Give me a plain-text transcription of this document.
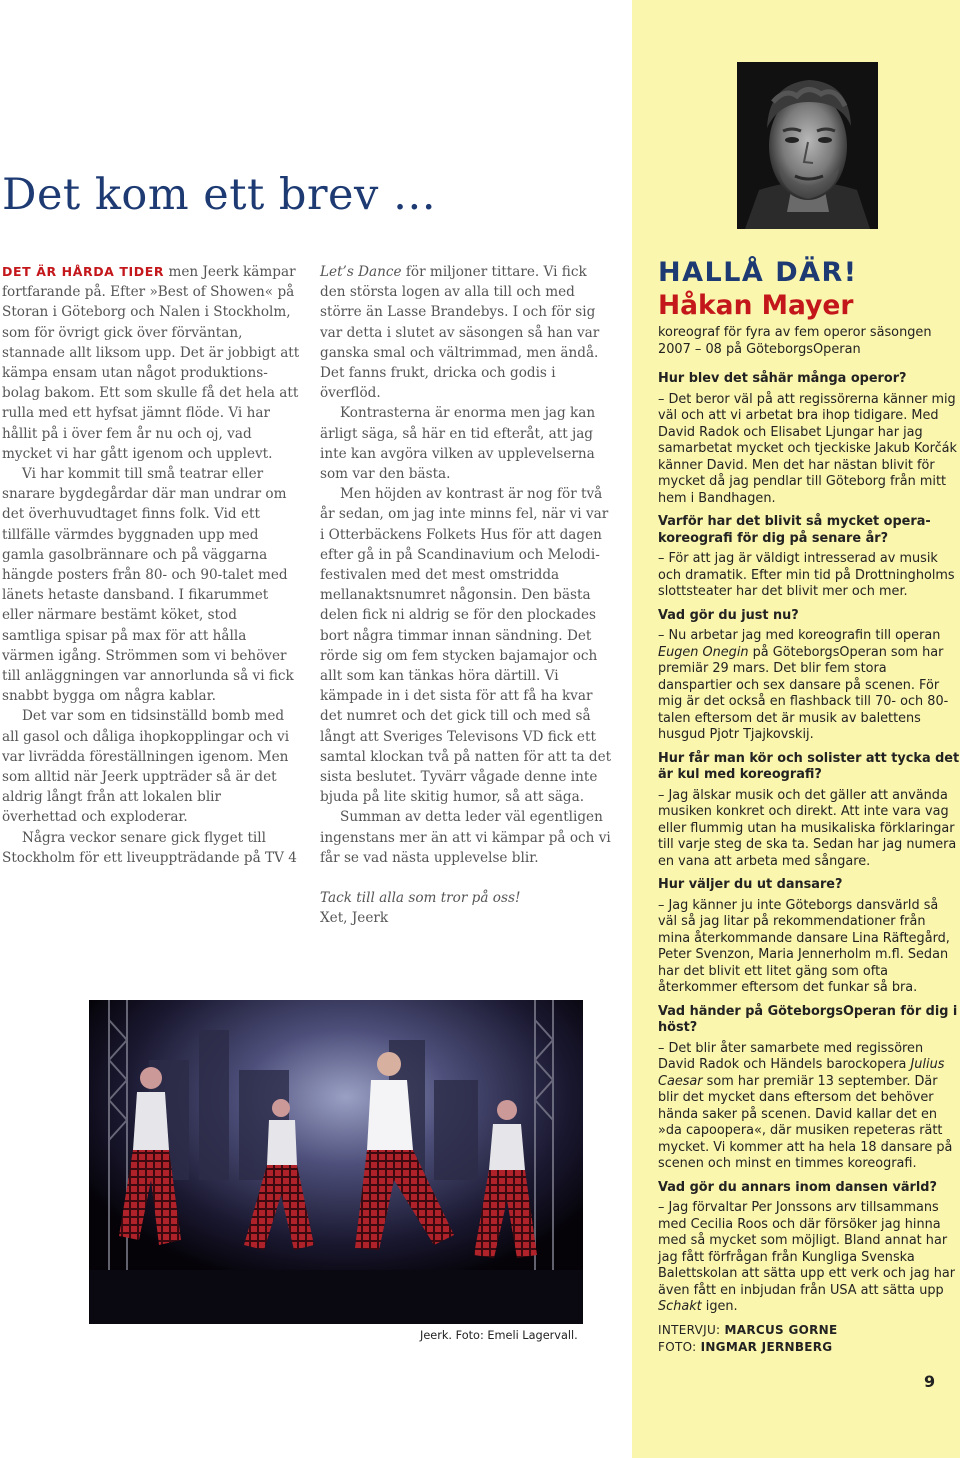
Det kom ett brev …

DET ÄR HÅRDA TIDER men Jeerk kämpar fortfarande på. Efter »Best of Showen« på Storan i Göteborg och Nalen i Stockholm, som för övrigt gick över förväntan, stannade allt liksom upp. Det är jobbigt att kämpa ensam utan något produktionsbolag bakom. Ett som skulle få det hela att rulla med ett hyfsat jämnt flöde. Vi har hållit på i över fem år nu och oj, vad mycket vi har gått igenom och upplevt.

Vi har kommit till små teatrar eller snarare bygdegårdar där man undrar om det överhuvudtaget finns folk. Vid ett tillfälle värmdes byggnaden upp med gamla gasolbrännare och på väggarna hängde posters från 80- och 90-talet med länets hetaste dansband. I fikarummet eller närmare bestämt köket, stod samtliga spisar på max för att hålla värmen igång. Strömmen som vi behöver till anläggningen var annorlunda så vi fick snabbt bygga om några kablar.

Det var som en tidsinställd bomb med all gasol och dåliga ihopkopplingar och vi var livrädda föreställningen igenom. Men som alltid när Jeerk uppträder så är det aldrig långt från att lokalen blir överhettad och exploderar.

Några veckor senare gick flyget till Stockholm för ett liveuppträdande på TV 4

Let’s Dance för miljoner tittare. Vi fick den största logen av alla till och med större än Lasse Brandebys. I och för sig var detta i slutet av säsongen så han var ganska smal och vältrimmad, men ändå. Det fanns frukt, dricka och godis i överflöd.

Kontrasterna är enorma men jag kan ärligt säga, så här en tid efteråt, att jag inte kan avgöra vilken av upplevelserna som var den bästa.

Men höjden av kontrast är nog för två år sedan, om jag inte minns fel, när vi var i Otterbäckens Folkets Hus för att dagen efter gå in på Scandinavium och Melodifestivalen med det mest omstridda mellanaktsnumret någonsin. Den bästa delen fick ni aldrig se för den plockades bort några timmar innan sändning. Det rörde sig om fem stycken bajamajor och allt som kan tänkas höra därtill. Vi kämpade in i det sista för att få ha kvar det numret och det gick till och med så långt att Sveriges Televisons VD fick ett samtal klockan två på natten för att ta det sista beslutet. Tyvärr vågade denne inte bjuda på lite skitig humor, så att säga.

Summan av detta leder väl egentligen ingenstans mer än att vi kämpar på och vi får se vad nästa upplevelse blir.

Tack till alla som tror på oss!

Xet, Jeerk

Jeerk. Foto: Emeli Lagervall.
HALLÅ DÄR!
Håkan Mayer
koreograf för fyra av fem operor säsongen 2007 – 08 på GöteborgsOperan
Hur blev det såhär många operor?
– Det beror väl på att regissörerna känner mig väl och att vi arbetat bra ihop tidigare. Med David Radok och Elisabet Ljungar har jag samarbetat mycket och tjeckiske Jakub Korčák känner David. Men det har nästan blivit för mycket då jag pendlar till Göteborg från mitt hem i Bandhagen.
Varför har det blivit så mycket operakoreografi för dig på senare år?
– För att jag är väldigt intresserad av musik och dramatik. Efter min tid på Drottningholms slottsteater har det blivit mer och mer.
Vad gör du just nu?
– Nu arbetar jag med koreografin till operan Eugen Onegin på GöteborgsOperan som har premiär 29 mars. Det blir fem stora danspartier och sex dansare på scenen. För mig är det också en flashback till 70- och 80-talen eftersom det är musik av balettens husgud Pjotr Tjajkovskij.
Hur får man kör och solister att tycka det är kul med koreografi?
– Jag älskar musik och det gäller att använda musiken konkret och direkt. Att inte vara vag eller flummig utan ha musikaliska förklaringar till varje steg de ska ta. Sedan har jag numera en vana att arbeta med sångare.
Hur väljer du ut dansare?
– Jag känner ju inte Göteborgs dansvärld så väl så jag litar på rekommendationer från mina återkommande dansare Lina Räftegård, Peter Svenzon, Maria Jennerholm m.fl. Sedan har det blivit ett litet gäng som ofta återkommer eftersom det funkar så bra.
Vad händer på GöteborgsOperan för dig i höst?
– Det blir åter samarbete med regissören David Radok och Händels barockopera Julius Caesar som har premiär 13 september. Där blir det mycket dans eftersom det behöver hända saker på scenen. David kallar det en »da capoopera«, där musiken repeteras rätt mycket. Vi kommer att ha hela 18 dansare på scenen och minst en timmes koreografi.
Vad gör du annars inom dansen värld?
– Jag förvaltar Per Jonssons arv tillsammans med Cecilia Roos och där försöker jag hinna med så mycket som möjligt. Bland annat har jag fått förfrågan från Kungliga Svenska Balettskolan att sätta upp ett verk och jag har även fått en inbjudan från USA att sätta upp Schakt igen.
INTERVJU: MARCUS GORNE
FOTO: INGMAR JERNBERG
9
